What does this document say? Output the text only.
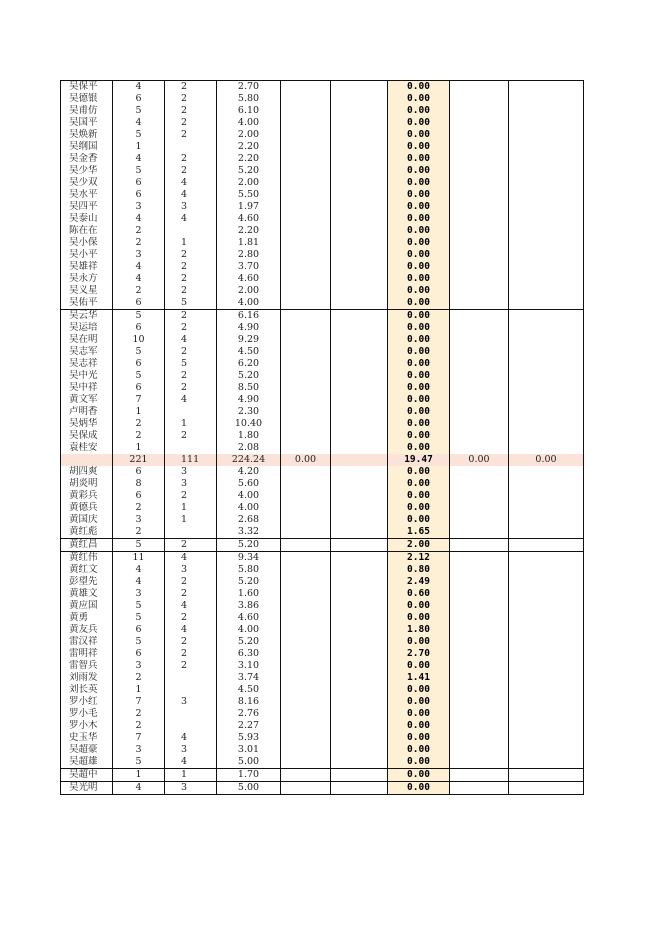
吴保平	4	2	2.70			0.00		
吴德银	6	2	5.80			0.00		
吴甫仿	5	2	6.10			0.00		
吴国平	4	2	4.00			0.00		
吴焕新	5	2	2.00			0.00		
吴纲国	1		2.20			0.00		
吴金香	4	2	2.20			0.00		
吴少华	5	2	5.20			0.00		
吴少双	6	4	2.00			0.00		
吴水平	6	4	5.50			0.00		
吴四平	3	3	1.97			0.00		
吴泰山	4	4	4.60			0.00		
陈在在	2		2.20			0.00		
吴小保	2	1	1.81			0.00		
吴小平	3	2	2.80			0.00		
吴雄祥	4	2	3.70			0.00		
吴永方	4	2	4.60			0.00		
吴义星	2	2	2.00			0.00		
吴佑平	6	5	4.00			0.00		
吴云华	5	2	6.16			0.00		
吴运培	6	2	4.90			0.00		
吴在明	10	4	9.29			0.00		
吴志军	5	2	4.50			0.00		
吴志祥	6	5	6.20			0.00		
吴中光	5	2	5.20			0.00		
吴中祥	6	2	8.50			0.00		
黄文军	7	4	4.90			0.00		
卢明香	1		2.30			0.00		
吴炳华	2	1	10.40			0.00		
吴保成	2	2	1.80			0.00		
袁桂安	1		2.08			0.00		
	221	111	224.24	0.00		19.47	0.00	0.00
胡四爽	6	3	4.20			0.00		
胡炎明	8	3	5.60			0.00		
黄彩兵	6	2	4.00			0.00		
黄德兵	2	1	4.00			0.00		
黄国庆	3	1	2.68			0.00		
黄红彪	2		3.32			1.65		
黄红昌	5	2	5.20			2.00		
黄红伟	11	4	9.34			2.12		
黄红文	4	3	5.80			0.80		
彭望先	4	2	5.20			2.49		
黄雄文	3	2	1.60			0.60		
黄应国	5	4	3.86			0.00		
黄勇	5	2	4.60			0.00		
黄友兵	6	4	4.00			1.80		
雷汉祥	5	2	5.20			0.00		
雷明祥	6	2	6.30			2.70		
雷智兵	3	2	3.10			0.00		
刘雨发	2		3.74			1.41		
刘长英	1		4.50			0.00		
罗小红	7	3	8.16			0.00		
罗小毛	2		2.76			0.00		
罗小木	2		2.27			0.00		
史玉华	7	4	5.93			0.00		
吴超豪	3	3	3.01			0.00		
吴超雄	5	4	5.00			0.00		
吴超中	1	1	1.70			0.00		
吴光明	4	3	5.00			0.00		
